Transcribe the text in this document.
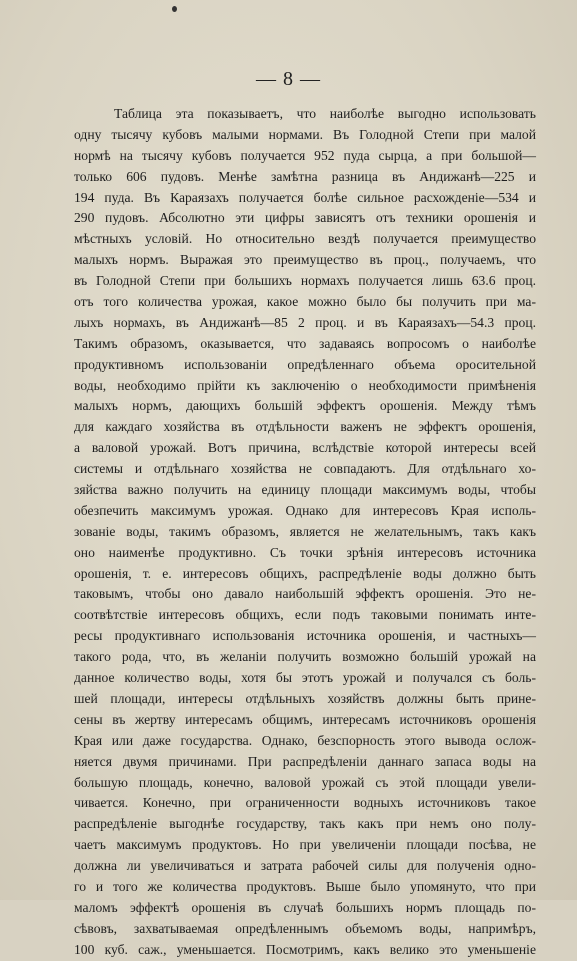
— 8 —
Таблица эта показываетъ, что наиболѣе выгодно использовать
одну тысячу кубовъ малыми нормами. Въ Голодной Степи при малой
нормѣ на тысячу кубовъ получается 952 пуда сырца, а при большой—
только 606 пудовъ. Менѣе замѣтна разница въ Андижанѣ—225 и
194 пуда. Въ Караязахъ получается болѣе сильное расхожденіе—534 и
290 пудовъ. Абсолютно эти цифры зависятъ отъ техники орошенія и
мѣстныхъ условій. Но относительно вездѣ получается преимущество
малыхъ нормъ. Выражая это преимущество въ проц., получаемъ, что
въ Голодной Степи при большихъ нормахъ получается лишь 63.6 проц.
отъ того количества урожая, какое можно было бы получить при ма-
лыхъ нормахъ, въ Андижанѣ—85 2 проц. и въ Караязахъ—54.3 проц.
Такимъ образомъ, оказывается, что задаваясь вопросомъ о наиболѣе
продуктивномъ использованіи опредѣленнаго объема оросительной
воды, необходимо прійти къ заключенію о необходимости примѣненія
малыхъ нормъ, дающихъ большій эффектъ орошенія. Между тѣмъ
для каждаго хозяйства въ отдѣльности важенъ не эффектъ орошенія,
а валовой урожай. Вотъ причина, вслѣдствіе которой интересы всей
системы и отдѣльнаго хозяйства не совпадаютъ. Для отдѣльнаго хо-
зяйства важно получить на единицу площади максимумъ воды, чтобы
обезпечить максимумъ урожая. Однако для интересовъ Края исполь-
зованіе воды, такимъ образомъ, является не желательнымъ, такъ какъ
оно наименѣе продуктивно. Съ точки зрѣнія интересовъ источника
орошенія, т. е. интересовъ общихъ, распредѣленіе воды должно быть
таковымъ, чтобы оно давало наибольшій эффектъ орошенія. Это не-
соотвѣтствіе интересовъ общихъ, если подъ таковыми понимать инте-
ресы продуктивнаго использованія источника орошенія, и частныхъ—
такого рода, что, въ желаніи получить возможно большій урожай на
данное количество воды, хотя бы этотъ урожай и получался съ боль-
шей площади, интересы отдѣльныхъ хозяйствъ должны быть прине-
сены въ жертву интересамъ общимъ, интересамъ источниковъ орошенія
Края или даже государства. Однако, безспорность этого вывода ослож-
няется двумя причинами. При распредѣленіи даннаго запаса воды на
большую площадь, конечно, валовой урожай съ этой площади увели-
чивается. Конечно, при ограниченности водныхъ источниковъ такое
распредѣленіе выгоднѣе государству, такъ какъ при немъ оно полу-
чаетъ максимумъ продуктовъ. Но при увеличеніи площади посѣва, не
должна ли увеличиваться и затрата рабочей силы для полученія одно-
го и того же количества продуктовъ. Выше было упомянуто, что при
маломъ эффектѣ орошенія въ случаѣ большихъ нормъ площадь по-
сѣвовъ, захватываемая опредѣленнымъ объемомъ воды, напримѣръ,
100 куб. саж., уменьшается. Посмотримъ, какъ велико это уменьшеніе
